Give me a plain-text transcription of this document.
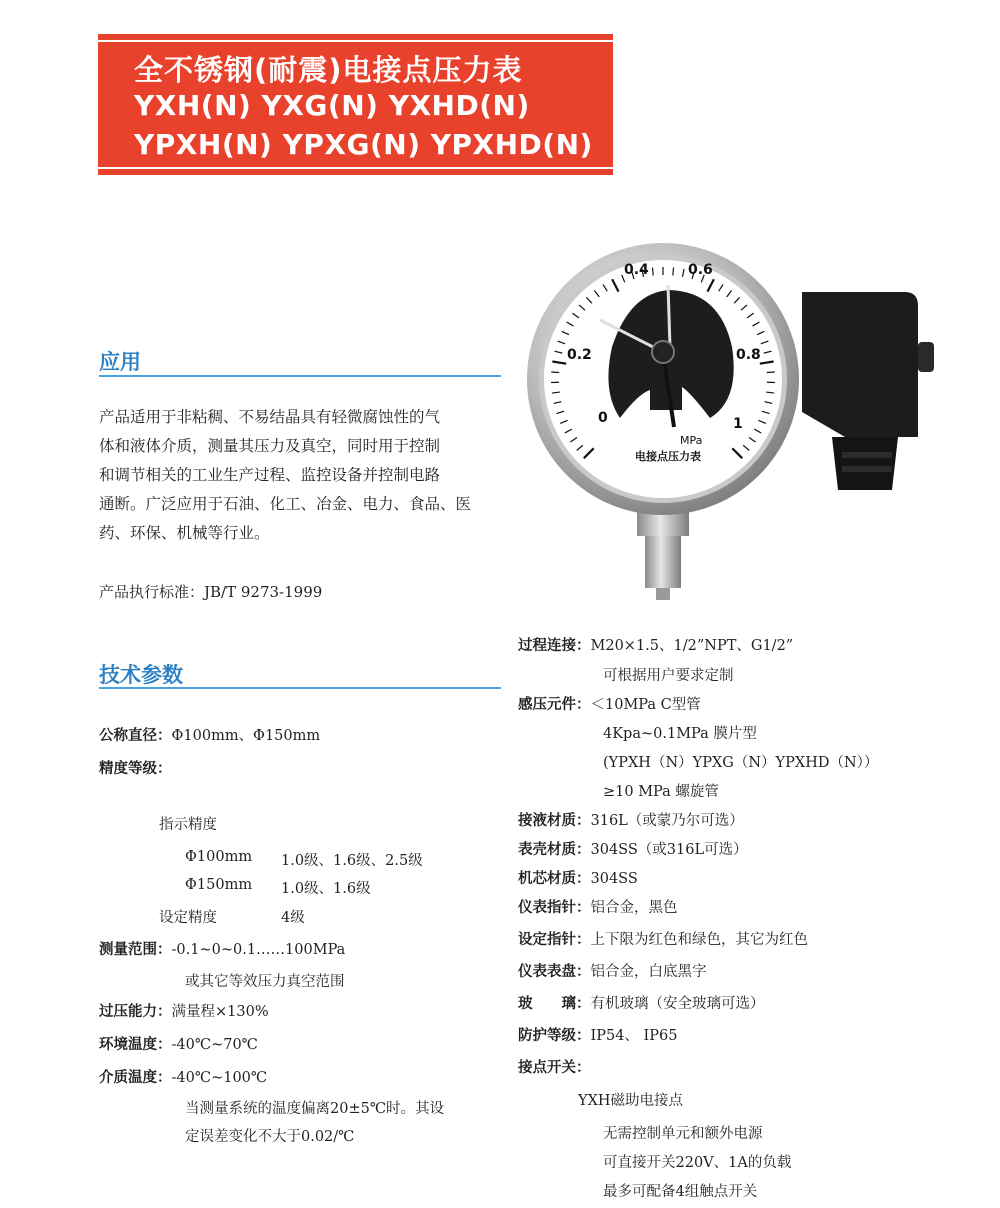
全不锈钢(耐震)电接点压力表
YXH(N) YXG(N) YXHD(N)
YPXH(N) YPXG(N) YPXHD(N)
0
0.2
0.4	0.6
0.8
1
MPa
电接点压力表
应用
产品适用于非粘稠、不易结晶具有轻微腐蚀性的气
体和液体介质，测量其压力及真空，同时用于控制
和调节相关的工业生产过程、监控设备并控制电路
通断。广泛应用于石油、化工、冶金、电力、食品、医
药、环保、机械等行业。
产品执行标准：JB/T 9273-1999
技术参数
公称直径：Φ100mm、Φ150mm
精度等级：
指示精度
Φ100mm 1.0级、1.6级、2.5级
Φ150mm 1.0级、1.6级
设定精度	4级
测量范围：-0.1~0~0.1……100MPa
或其它等效压力真空范围
过压能力：满量程×130%
环境温度：-40℃~70℃
介质温度：-40℃~100℃
当测量系统的温度偏离20±5℃时。其设
定误差变化不大于0.02/℃
过程连接：M20×1.5、1/2”NPT、G1/2”
可根据用户要求定制
感压元件：＜10MPa C型管
4Kpa~0.1MPa 膜片型
(YPXH（N）YPXG（N）YPXHD（N））
≥10 MPa 螺旋管
接液材质：316L（或蒙乃尔可选）
表壳材质：304SS（或316L可选）
机芯材质：304SS
仪表指针：铝合金，黑色
设定指针：上下限为红色和绿色，其它为红色
仪表表盘：铝合金，白底黑字
玻　　璃：有机玻璃（安全玻璃可选）
防护等级：IP54、 IP65
接点开关：
YXH磁助电接点
无需控制单元和额外电源
可直接开关220V、1A的负载
最多可配备4组触点开关
